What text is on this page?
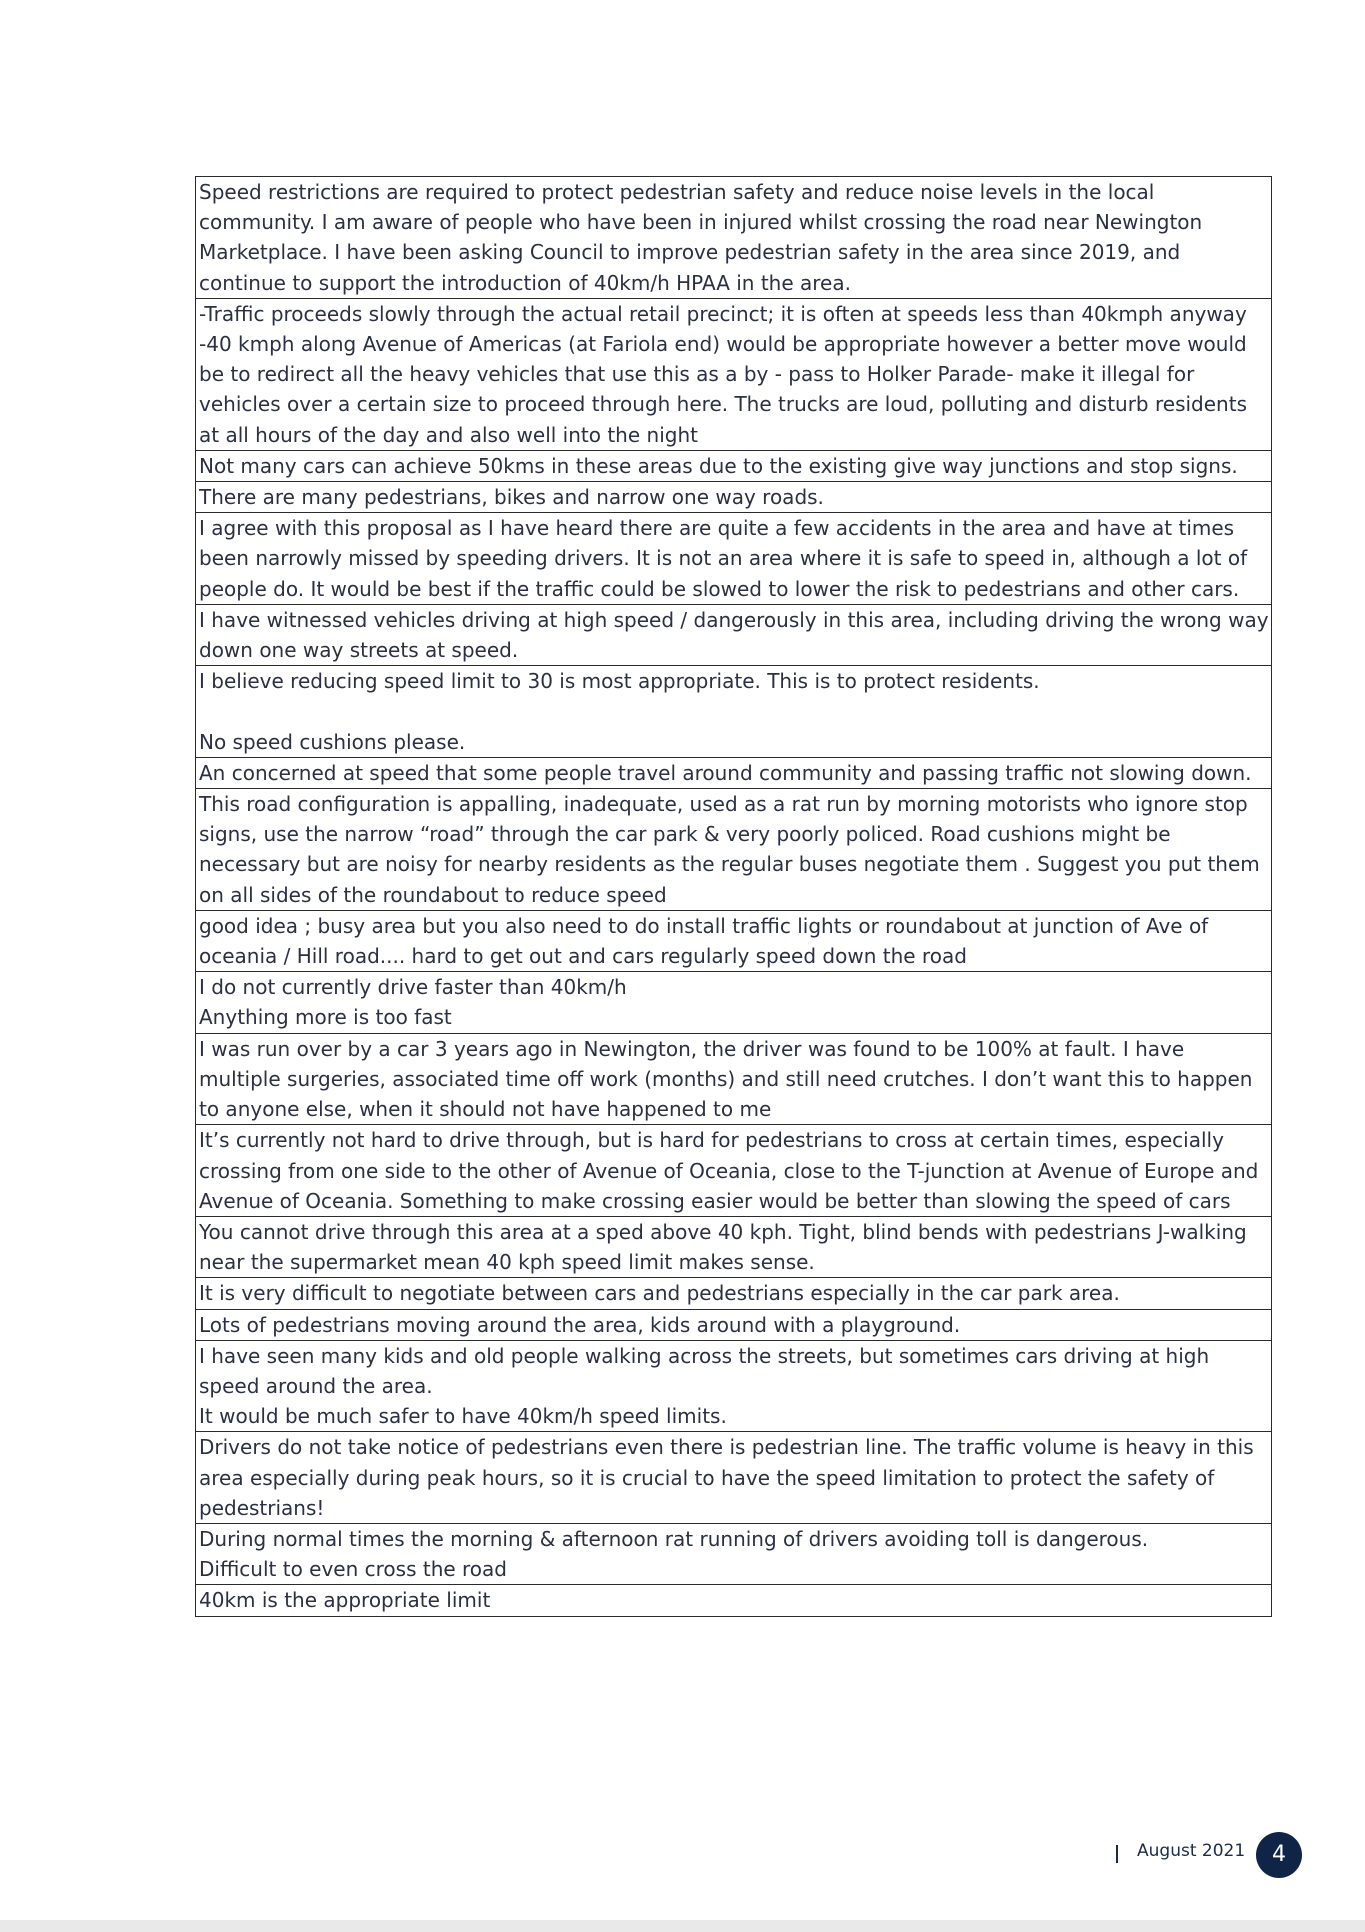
Speed restrictions are required to protect pedestrian safety and reduce noise levels in the local community. I am aware of people who have been in injured whilst crossing the road near Newington Marketplace. I have been asking Council to improve pedestrian safety in the area since 2019, and continue to support the introduction of 40km/h HPAA in the area.
-Traffic proceeds slowly through the actual retail precinct; it is often at speeds less than 40kmph anyway
-40 kmph along Avenue of Americas (at Fariola end) would be appropriate however a better move would be to redirect all the heavy vehicles that use this as a by - pass to Holker Parade- make it illegal for vehicles over a certain size to proceed through here. The trucks are loud, polluting and disturb residents at all hours of the day and also well into the night
Not many cars can achieve 50kms in these areas due to the existing give way junctions and stop signs.
There are many pedestrians, bikes and narrow one way roads.
I agree with this proposal as I have heard there are quite a few accidents in the area and have at times been narrowly missed by speeding drivers. It is not an area where it is safe to speed in, although a lot of people do. It would be best if the traffic could be slowed to lower the risk to pedestrians and other cars.
I have witnessed vehicles driving at high speed / dangerously in this area, including driving the wrong way down one way streets at speed.
I believe reducing speed limit to 30 is most appropriate. This is to protect residents.

No speed cushions please.
An concerned at speed that some people travel around community and passing traffic not slowing down.
This road configuration is appalling, inadequate, used as a rat run by morning motorists who ignore stop signs, use the narrow “road” through the car park & very poorly policed. Road cushions might be necessary but are noisy for nearby residents as the regular buses negotiate them . Suggest you put them on all sides of the roundabout to reduce speed
good idea ; busy area but you also need to do install traffic lights or roundabout at junction of Ave of oceania / Hill road.... hard to get out and cars regularly speed down the road
I do not currently drive faster than 40km/h
Anything more is too fast
I was run over by a car 3 years ago in Newington, the driver was found to be 100% at fault. I have multiple surgeries, associated time off work (months) and still need crutches. I don’t want this to happen to anyone else, when it should not have happened to me
It’s currently not hard to drive through, but is hard for pedestrians to cross at certain times, especially crossing from one side to the other of Avenue of Oceania, close to the T-junction at Avenue of Europe and Avenue of Oceania. Something to make crossing easier would be better than slowing the speed of cars
You cannot drive through this area at a sped above 40 kph. Tight, blind bends with pedestrians J-walking near the supermarket mean 40 kph speed limit makes sense.
It is very difficult to negotiate between cars and pedestrians especially in the car park area.
Lots of pedestrians moving around the area, kids around with a playground.
I have seen many kids and old people walking across the streets, but sometimes cars driving at high speed around the area.
It would be much safer to have 40km/h speed limits.
Drivers do not take notice of pedestrians even there is pedestrian line. The traffic volume is heavy in this area especially during peak hours, so it is crucial to have the speed limitation to protect the safety of pedestrians!
During normal times the morning & afternoon rat running of drivers avoiding toll is dangerous.
Difficult to even cross the road
40km is the appropriate limit
August 2021	4
